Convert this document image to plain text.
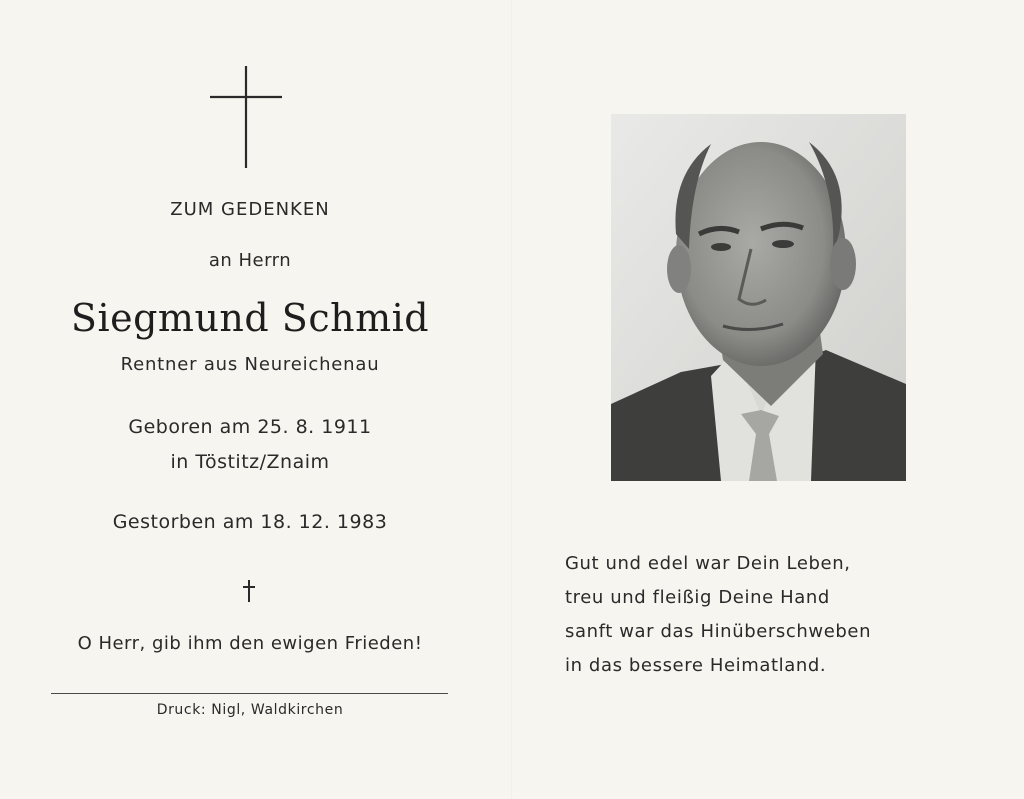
ZUM GEDENKEN
an Herrn
Siegmund Schmid
Rentner aus Neureichenau
Geboren am 25. 8. 1911
in Töstitz/Znaim
Gestorben am 18. 12. 1983
O Herr, gib ihm den ewigen Frieden!
Druck: Nigl, Waldkirchen
Gut und edel war Dein Leben,
treu und fleißig Deine Hand
sanft war das Hinüberschweben
in das bessere Heimatland.
